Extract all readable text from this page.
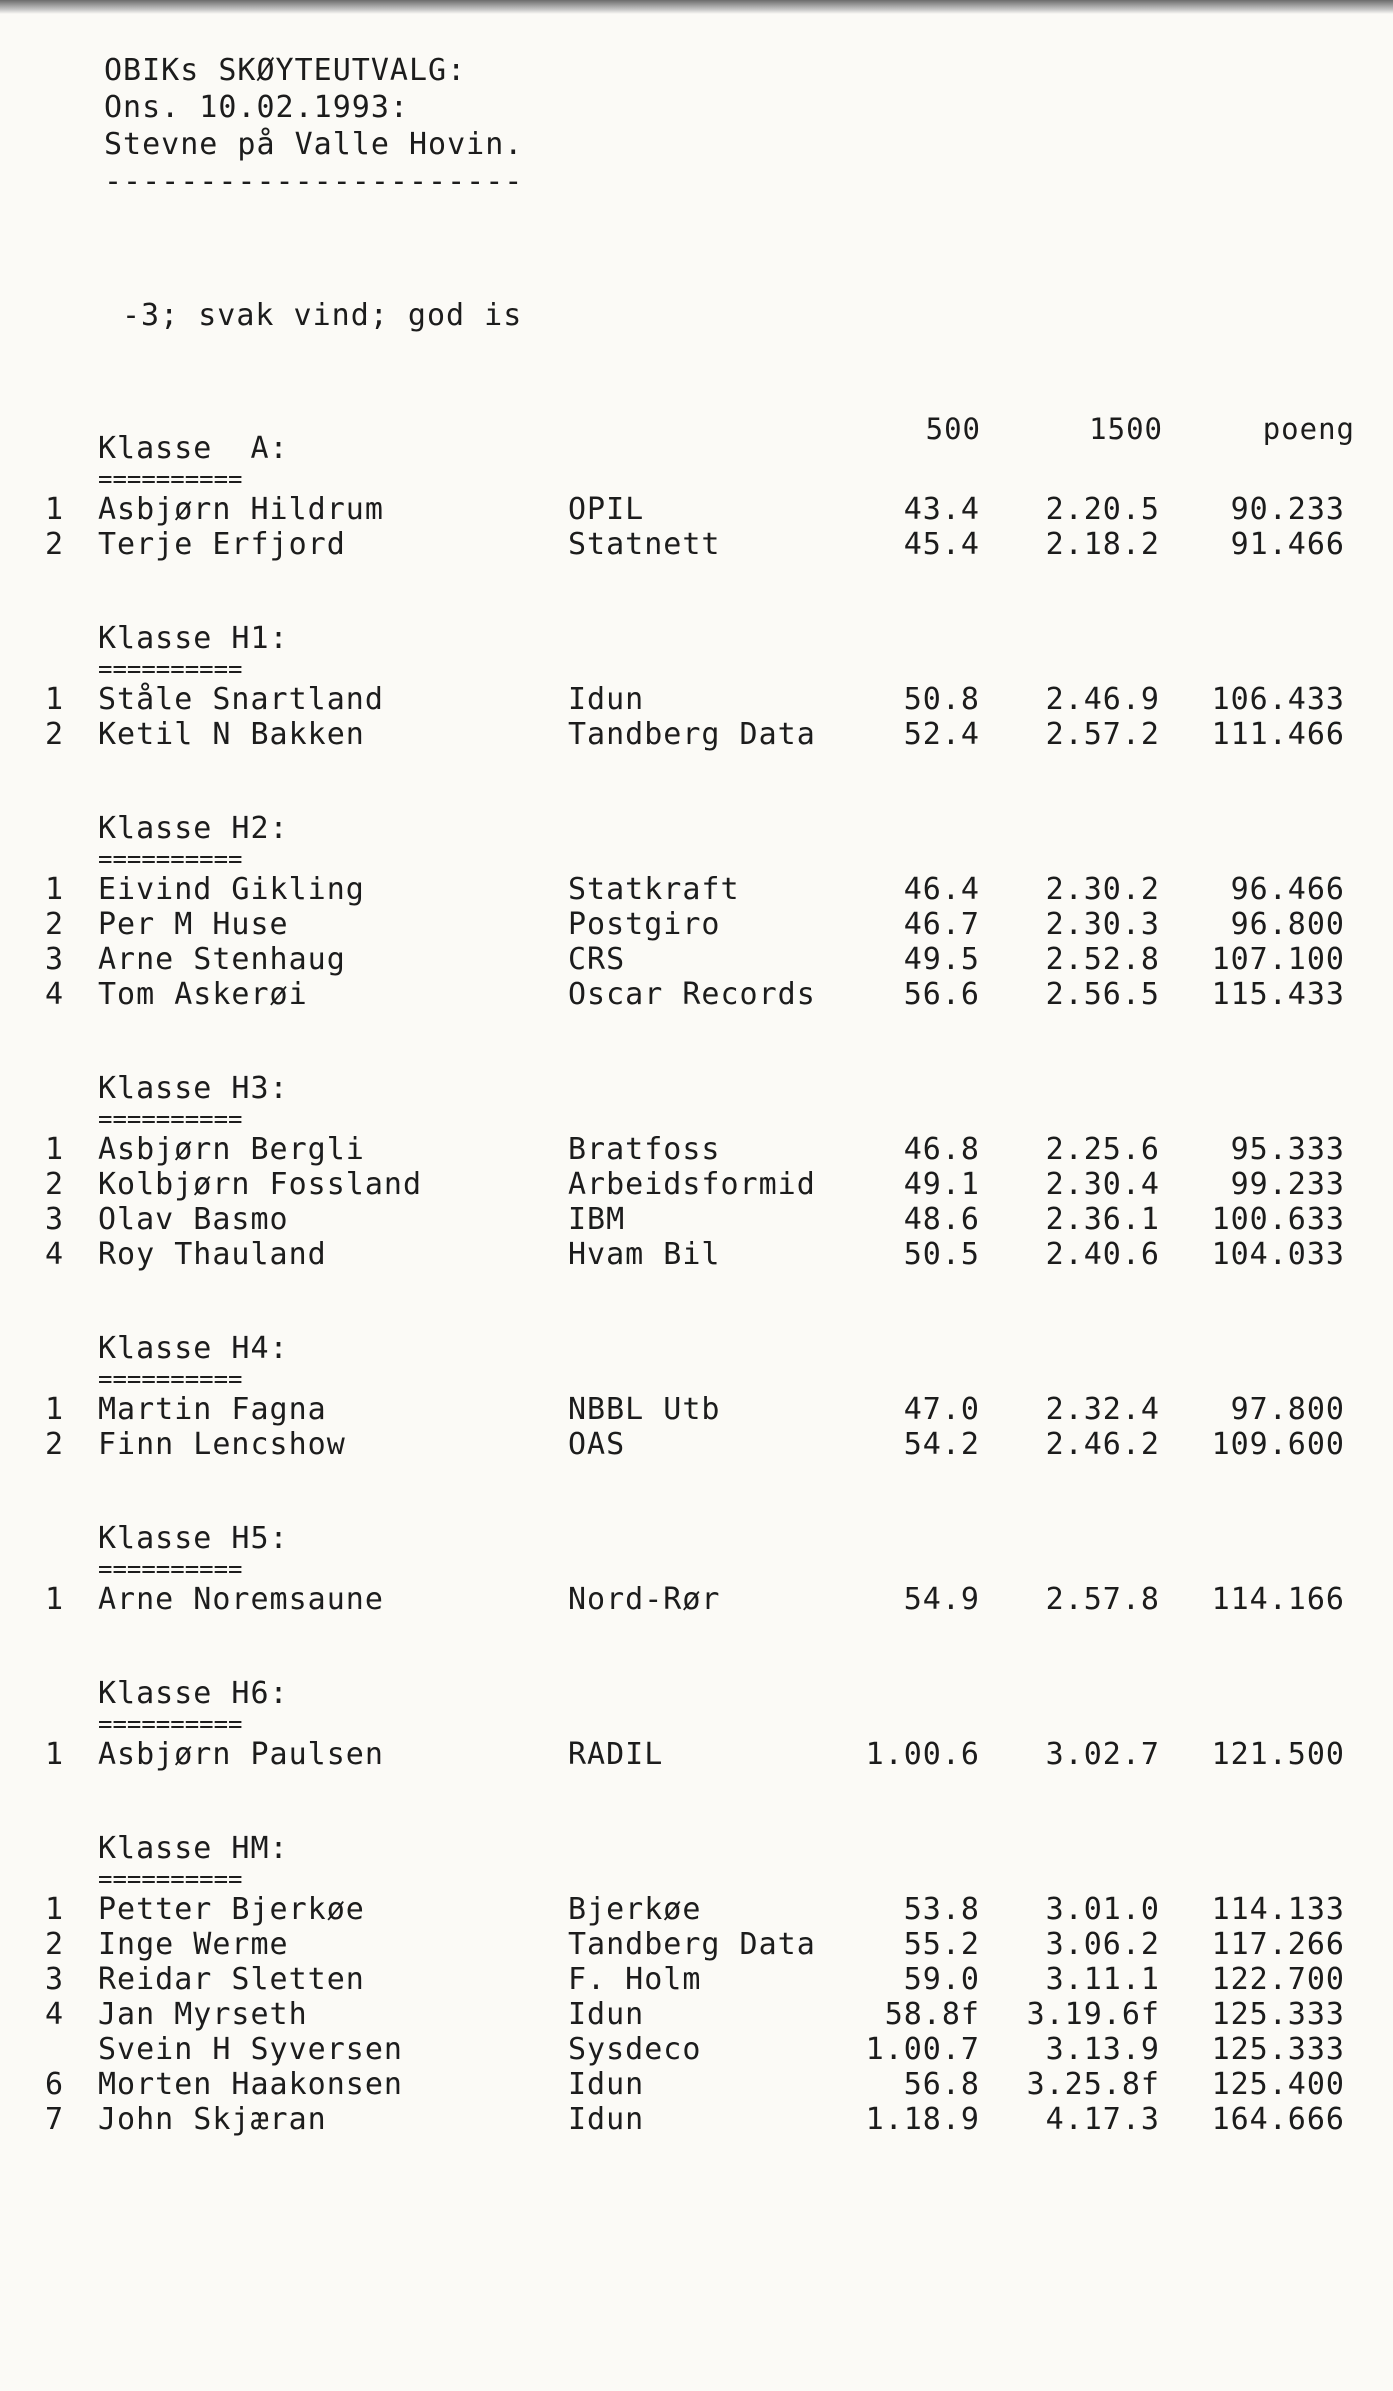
OBIKs SKØYTEUTVALG:
Ons. 10.02.1993:
Stevne på Valle Hovin.
----------------------
-3; svak vind; god is
500	1500	poeng
Klasse  A:
==========
1 Asbjørn Hildrum	OPIL	43.4 2.20.5 90.233
2 Terje Erfjord	Statnett	45.4 2.18.2 91.466
Klasse H1:
==========
1 Ståle Snartland	Idun	50.8 2.46.9 106.433
2 Ketil N Bakken	Tandberg Data	52.4 2.57.2 111.466
Klasse H2:
==========
1 Eivind Gikling	Statkraft	46.4 2.30.2 96.466
2 Per M Huse	Postgiro	46.7 2.30.3 96.800
3 Arne Stenhaug	CRS	49.5 2.52.8 107.100
4 Tom Askerøi	Oscar Records	56.6 2.56.5 115.433
Klasse H3:
==========
1 Asbjørn Bergli	Bratfoss	46.8 2.25.6 95.333
2 Kolbjørn Fossland	Arbeidsformid	49.1 2.30.4 99.233
3 Olav Basmo	IBM	48.6 2.36.1 100.633
4 Roy Thauland	Hvam Bil	50.5 2.40.6 104.033
Klasse H4:
==========
1 Martin Fagna	NBBL Utb	47.0 2.32.4 97.800
2 Finn Lencshow	OAS	54.2 2.46.2 109.600
Klasse H5:
==========
1 Arne Noremsaune	Nord-Rør	54.9 2.57.8 114.166
Klasse H6:
==========
1 Asbjørn Paulsen	RADIL	1.00.6 3.02.7 121.500
Klasse HM:
==========
1 Petter Bjerkøe	Bjerkøe	53.8 3.01.0 114.133
2 Inge Werme	Tandberg Data	55.2 3.06.2 117.266
3 Reidar Sletten	F. Holm	59.0 3.11.1 122.700
4 Jan Myrseth	Idun	58.8f 3.19.6f 125.333
Svein H Syversen	Sysdeco	1.00.7 3.13.9 125.333
6 Morten Haakonsen	Idun	56.8 3.25.8f 125.400
7 John Skjæran	Idun	1.18.9 4.17.3 164.666
